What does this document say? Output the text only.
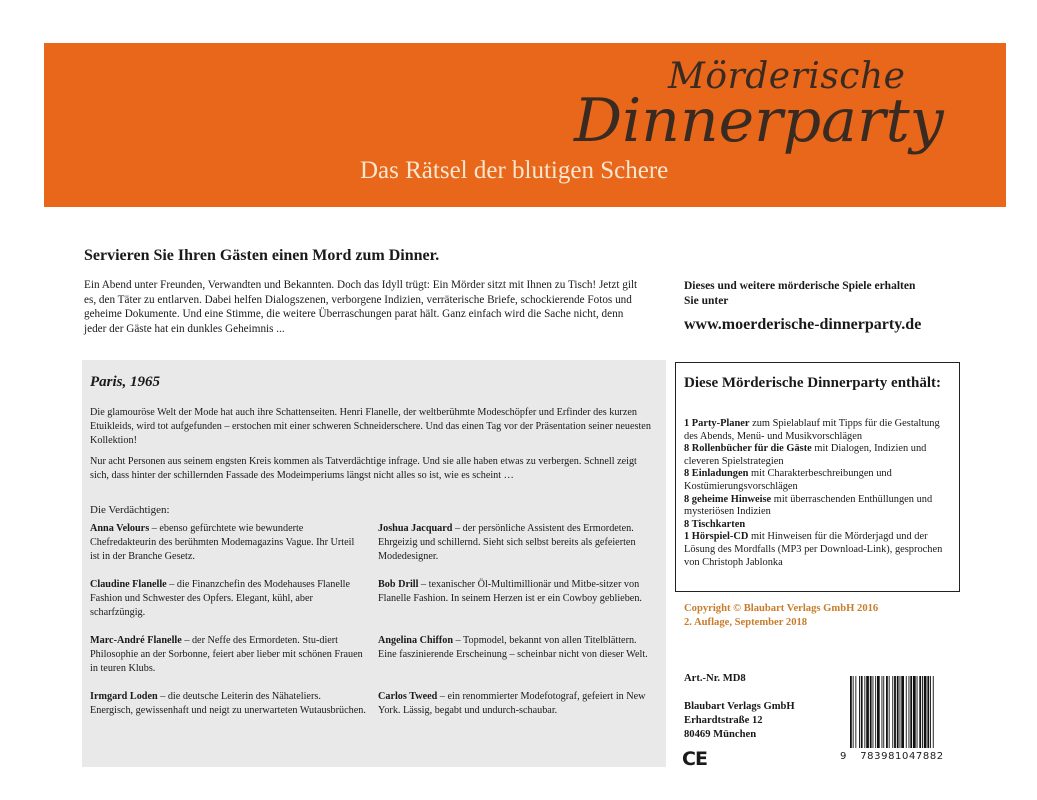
Mörderische
Dinnerparty
Das Rätsel der blutigen Schere
Servieren Sie Ihren Gästen einen Mord zum Dinner.

Ein Abend unter Freunden, Verwandten und Bekannten. Doch das Idyll trügt: Ein Mörder sitzt mit Ihnen zu Tisch! Jetzt gilt es, den Täter zu entlarven. Dabei helfen Dialogszenen, verborgene Indizien, verräterische Briefe, schockierende Fotos und geheime Dokumente. Und eine Stimme, die weitere Überraschungen parat hält. Ganz einfach wird die Sache nicht, denn jeder der Gäste hat ein dunkles Geheimnis ...

Dieses und weitere mörderische Spiele erhalten Sie unter
www.moerderische-dinnerparty.de
Paris, 1965

Die glamouröse Welt der Mode hat auch ihre Schattenseiten. Henri Flanelle, der weltberühmte Modeschöpfer und Erfinder des kurzen Etuikleids, wird tot aufgefunden – erstochen mit einer schweren Schneiderschere. Und das einen Tag vor der Präsentation seiner neuesten Kollektion!

Nur acht Personen aus seinem engsten Kreis kommen als Tatverdächtige infrage. Und sie alle haben etwas zu verbergen. Schnell zeigt sich, dass hinter der schillernden Fassade des Modeimperiums längst nicht alles so ist, wie es scheint …

Die Verdächtigen:
Anna Velours – ebenso gefürchtete wie bewunderte Chefredakteurin des berühmten Modemagazins Vague. Ihr Urteil ist in der Branche Gesetz.
Joshua Jacquard – der persönliche Assistent des Ermordeten. Ehrgeizig und schillernd. Sieht sich selbst bereits als gefeierten Modedesigner.
Claudine Flanelle – die Finanzchefin des Modehauses Flanelle Fashion und Schwester des Opfers. Elegant, kühl, aber scharfzüngig.
Bob Drill – texanischer Öl-Multimillionär und Mitbe-sitzer von Flanelle Fashion. In seinem Herzen ist er ein Cowboy geblieben.
Marc-André Flanelle – der Neffe des Ermordeten. Stu-diert Philosophie an der Sorbonne, feiert aber lieber mit schönen Frauen in teuren Klubs.
Angelina Chiffon – Topmodel, bekannt von allen Titelblättern. Eine faszinierende Erscheinung – scheinbar nicht von dieser Welt.
Irmgard Loden – die deutsche Leiterin des Nähateliers. Energisch, gewissenhaft und neigt zu unerwarteten Wutausbrüchen.
Carlos Tweed – ein renommierter Modefotograf, gefeiert in New York. Lässig, begabt und undurch-schaubar.
Diese Mörderische Dinnerparty enthält:
1 Party-Planer zum Spielablauf mit Tipps für die Gestaltung des Abends, Menü- und Musikvorschlägen
8 Rollenbücher für die Gäste mit Dialogen, Indizien und cleveren Spielstrategien
8 Einladungen mit Charakterbeschreibungen und Kostümierungsvorschlägen
8 geheime Hinweise mit überraschenden Enthüllungen und mysteriösen Indizien
8 Tischkarten
1 Hörspiel-CD mit Hinweisen für die Mörderjagd und der Lösung des Mordfalls (MP3 per Download-Link), gesprochen von Christoph Jablonka
Copyright © Blaubart Verlags GmbH 2016
2. Auflage, September 2018
Art.-Nr. MD8
Blaubart Verlags GmbH
Erhardtstraße 12
80469 München
CE	9	783981047882
